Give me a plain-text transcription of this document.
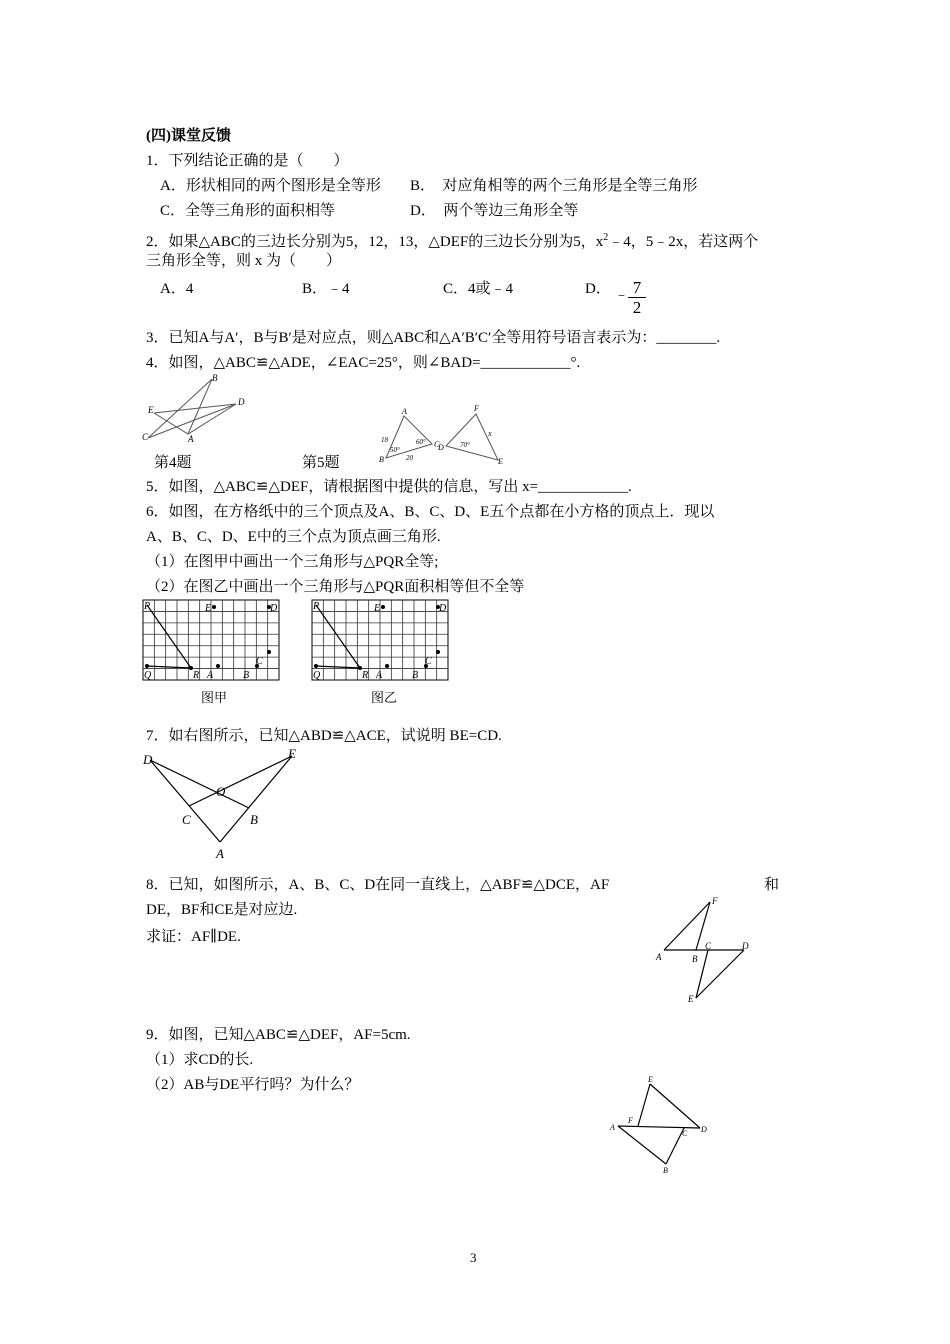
(四)课堂反馈
1．下列结论正确的是（　　）
A．形状相同的两个图形是全等形 B．　对应角相等的两个三角形是全等三角形
C．全等三角形的面积相等	D．　两个等边三角形全等
2．如果△ABC的三边长分别为5，12，13，△DEF的三边长分别为5，$x^2﹣4$，5﹣2x，若这两个
三角形全等，则 x 为（　　）
A．4	B．﹣4	C．4或﹣4	D． ﹣
$\frac{7}{2}$
3．已知A与A′，B与B′是对应点，则△ABC和△A′B′C′全等用符号语言表示为：________.
4．如图，△ABC≌△ADE，∠EAC=25°，则∠BAD=____________°.
B
D
E
C	A
第4题
A
B
C
F
D
E
x
18
20
50°
60°	70°
第5题
5．如图，△ABC≌△DEF，请根据图中提供的信息，写出 x=____________.
6．如图，在方格纸中的三个顶点及A、B、C、D、E五个点都在小方格的顶点上．现以
A、B、C、D、E中的三个点为顶点画三角形.
（1）在图甲中画出一个三角形与△PQR全等;
（2）在图乙中画出一个三角形与△PQR面积相等但不全等
P
Q	R
E	D
A	B
C
图甲
P
Q	R
E	D
A	B
C
图乙
7．如右图所示，已知△ABD≌△ACE，试说明 BE=CD.
D	E
O
C	B
A
8．已知，如图所示，A、B、C、D在同一直线上，△ABF≌△DCE，AF	和
DE，BF和CE是对应边.
求证：AF∥DE.
F
A	B
C	D
E
9．如图，已知△ABC≌△DEF，AF=5cm.
（1）求CD的长.
（2）AB与DE平行吗？为什么？	E
F
A
C D
B
3
